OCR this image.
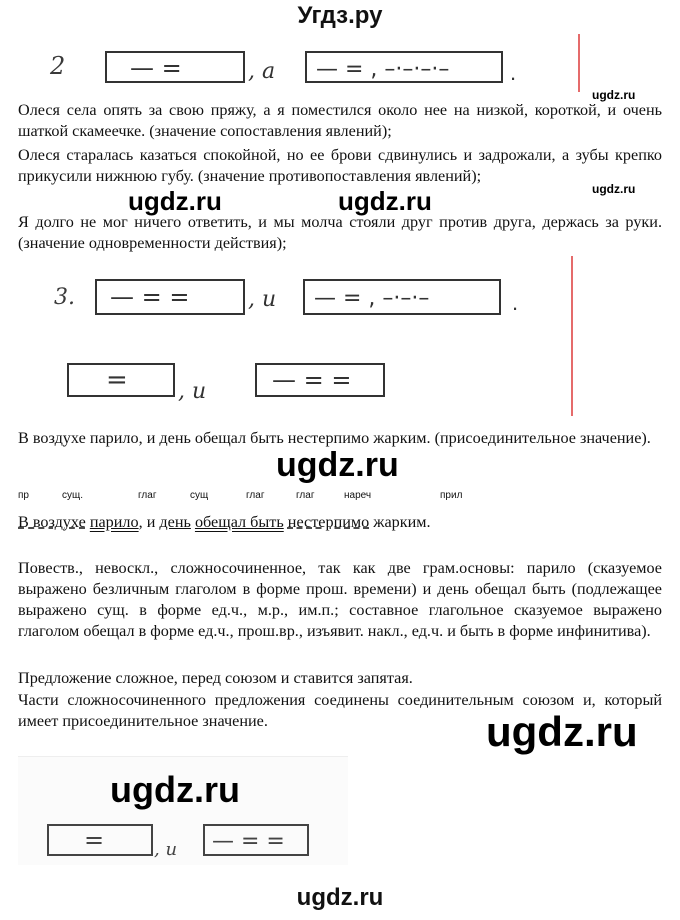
Угдз.ру
2	— =	, a — = , –·–·–·–	.
ugdz.ru
Олеся села опять за свою пряжу, а я поместился около нее на низкой, короткой, и очень шаткой скамеечке. (значение сопоставления явлений);
Олеся старалась казаться спокойной, но ее брови сдвинулись и задрожали, а зубы крепко прикусили нижнюю губу. (значение противопоставления явлений);
ugdz.ru	ugdz.ru	ugdz.ru
Я долго не мог ничего ответить, и мы молча стояли друг против друга, держась за руки. (значение одновременности действия);
3. — = =	, и — = , –·–·–	.
= , и	— = =
В воздухе парило, и день обещал быть нестерпимо жарким. (присоединительное значение).
ugdz.ru
пр	сущ.	глаг	сущ	глаг	глаг	нареч	прил
В воздухе парило, и день обещал быть нестерпимо жарким.
Повеств., невоскл., сложносочиненное, так как две грам.основы: парило (сказуемое выражено безличным глаголом в форме прош. времени) и день обещал быть (подлежащее выражено сущ. в форме ед.ч., м.р., им.п.; составное глагольное сказуемое выражено глаголом обещал в форме ед.ч., прош.вр., изъявит. накл., ед.ч. и быть в форме инфинитива).
Предложение сложное, перед союзом и ставится запятая.
Части сложносочиненного предложения соединены соединительным союзом и, который имеет присоединительное значение.	ugdz.ru
ugdz.ru
=	, и — = =
ugdz.ru
